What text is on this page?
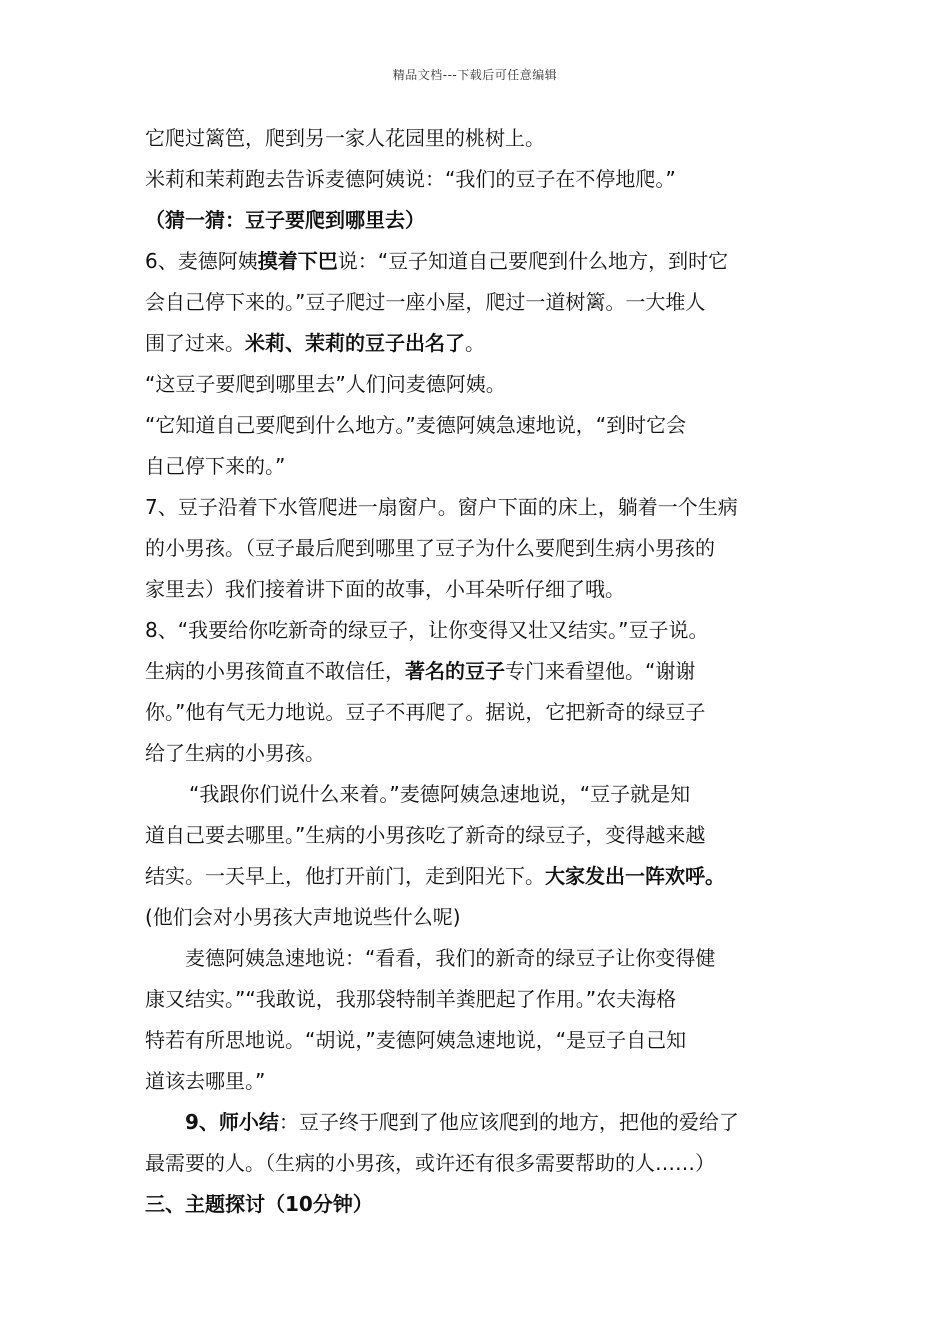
精品文档---下载后可任意编辑

它爬过篱笆，爬到另一家人花园里的桃树上。

米莉和茉莉跑去告诉麦德阿姨说：“我们的豆子在不停地爬。”

（猜一猜：豆子要爬到哪里去）

6、麦德阿姨摸着下巴说：“豆子知道自己要爬到什么地方，到时它

会自己停下来的。”豆子爬过一座小屋，爬过一道树篱。一大堆人

围了过来。米莉、茉莉的豆子出名了。

“这豆子要爬到哪里去”人们问麦德阿姨。

“它知道自己要爬到什么地方。”麦德阿姨急速地说，“到时它会

自己停下来的。”

7、豆子沿着下水管爬进一扇窗户。窗户下面的床上，躺着一个生病

的小男孩。（豆子最后爬到哪里了豆子为什么要爬到生病小男孩的

家里去）我们接着讲下面的故事，小耳朵听仔细了哦。

8、“我要给你吃新奇的绿豆子，让你变得又壮又结实。”豆子说。

生病的小男孩简直不敢信任，著名的豆子专门来看望他。“谢谢

你。”他有气无力地说。豆子不再爬了。据说，它把新奇的绿豆子

给了生病的小男孩。

“我跟你们说什么来着。”麦德阿姨急速地说，“豆子就是知

道自己要去哪里。”生病的小男孩吃了新奇的绿豆子，变得越来越

结实。一天早上，他打开前门，走到阳光下。大家发出一阵欢呼。

(他们会对小男孩大声地说些什么呢)

麦德阿姨急速地说：“看看，我们的新奇的绿豆子让你变得健

康又结实。”“我敢说，我那袋特制羊粪肥起了作用。”农夫海格

特若有所思地说。“胡说，”麦德阿姨急速地说，“是豆子自己知

道该去哪里。”

9、师小结：豆子终于爬到了他应该爬到的地方，把他的爱给了

最需要的人。（生病的小男孩，或许还有很多需要帮助的人……）

三、主题探讨（10分钟）
